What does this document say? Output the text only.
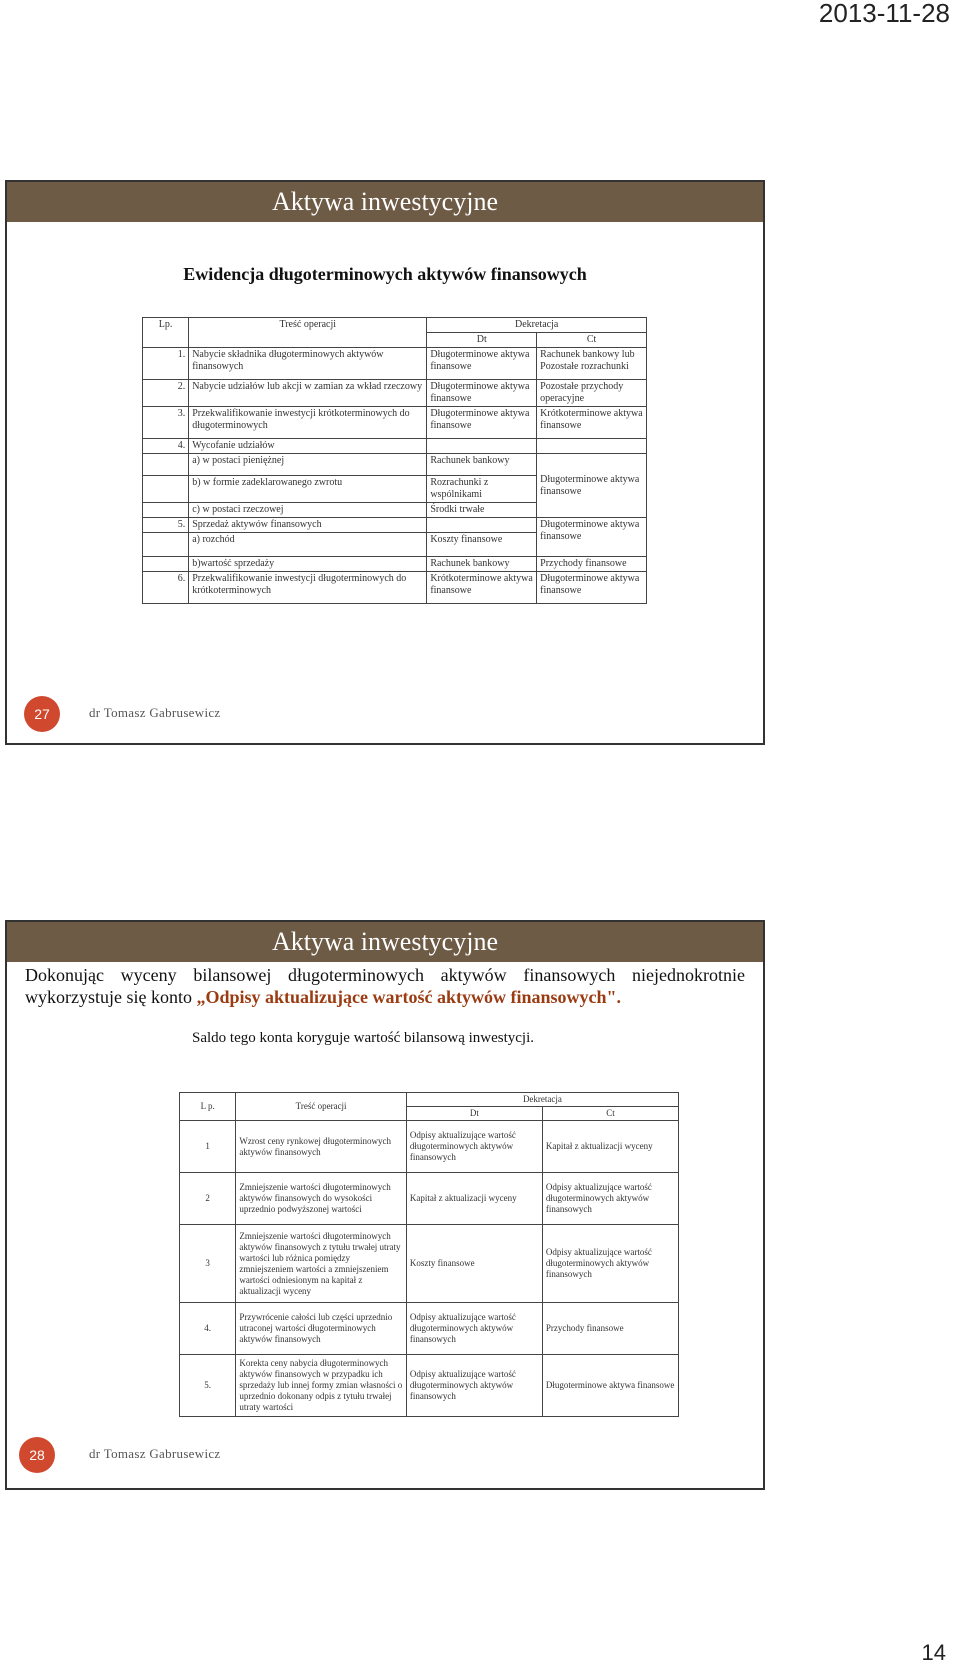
2013-11-28
Aktywa inwestycyjne
Ewidencja długoterminowych aktywów finansowych
Lp.	Treść operacji	Dekretacja	
		Dt	Ct
1.	Nabycie składnika długoterminowych aktywów finansowych	Długoterminowe aktywa finansowe	Rachunek bankowy lub Pozostałe rozrachunki
2.	Nabycie udziałów lub akcji w zamian za wkład rzeczowy	Długoterminowe aktywa finansowe	Pozostałe przychody operacyjne
3.	Przekwalifikowanie inwestycji krótkoterminowych do długoterminowych	Długoterminowe aktywa finansowe	Krótkoterminowe aktywa finansowe
4.	Wycofanie udziałów		
	a) w postaci pieniężnej	Rachunek bankowy	Długoterminowe aktywa finansowe
	b) w formie zadeklarowanego zwrotu	Rozrachunki z wspólnikami	
	c) w postaci rzeczowej	Środki trwałe	
5.	Sprzedaż aktywów finansowych		Długoterminowe aktywa finansowe
	a) rozchód	Koszty finansowe	
	b)wartość sprzedaży	Rachunek bankowy	Przychody finansowe
6.	Przekwalifikowanie inwestycji długoterminowych do krótkoterminowych	Krótkoterminowe aktywa finansowe	Długoterminowe aktywa finansowe
27	dr Tomasz Gabrusewicz
Aktywa inwestycyjne
Dokonując wyceny bilansowej długoterminowych aktywów finansowych niejednokrotnie wykorzystuje się konto „Odpisy aktualizujące wartość aktywów finansowych".
Saldo tego konta koryguje wartość bilansową inwestycji.
L p.	Treść operacji	Dekretacja	
		Dt	Ct
1	Wzrost ceny rynkowej długoterminowych aktywów finansowych	Odpisy aktualizujące wartość długoterminowych aktywów finansowych	Kapitał z aktualizacji wyceny
2	Zmniejszenie wartości długoterminowych aktywów finansowych do wysokości uprzednio podwyższonej wartości	Kapitał z aktualizacji wyceny	Odpisy aktualizujące wartość długoterminowych aktywów finansowych
3	Zmniejszenie wartości długoterminowych aktywów finansowych z tytułu trwałej utraty wartości lub różnica pomiędzy zmniejszeniem wartości a zmniejszeniem wartości odniesionym na kapitał z aktualizacji wyceny	Koszty finansowe	Odpisy aktualizujące wartość długoterminowych aktywów finansowych
4.	Przywrócenie całości lub części uprzednio utraconej wartości długoterminowych aktywów finansowych	Odpisy aktualizujące wartość długoterminowych aktywów finansowych	Przychody finansowe
5.	Korekta ceny nabycia długoterminowych aktywów finansowych w przypadku ich sprzedaży lub innej formy zmian własności o uprzednio dokonany odpis z tytułu trwałej utraty wartości	Odpisy aktualizujące wartość długoterminowych aktywów finansowych	Długoterminowe aktywa finansowe
28	dr Tomasz Gabrusewicz
14
